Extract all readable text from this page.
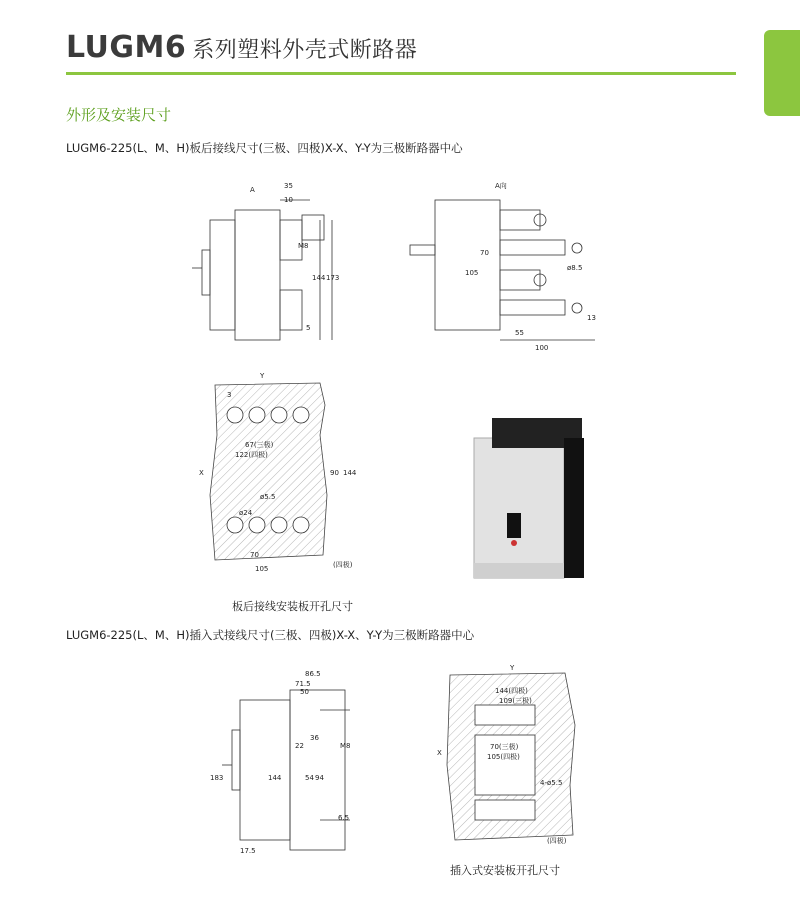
LUGM6 系列塑料外壳式断路器
外形及安装尺寸
LUGM6-225(L、M、H)板后接线尺寸(三极、四极)X-X、Y-Y为三极断路器中心
A	35
10
M8
144 173
5
A向
70
105
55
100
ø8.5
13
Y
X
3
67(三极)
122(四极)
90 144
ø5.5
ø24
70
105	(四极)
板后接线安装板开孔尺寸
LUGM6-225(L、M、H)插入式接线尺寸(三极、四极)X-X、Y-Y为三极断路器中心
86.5
71.5
50
M8
183	144
22
36
54 94
6.5
17.5
Y
X
144(四极)
109(三极)
70(三极)
105(四极)
4-ø5.5
(四极)
插入式安装板开孔尺寸
